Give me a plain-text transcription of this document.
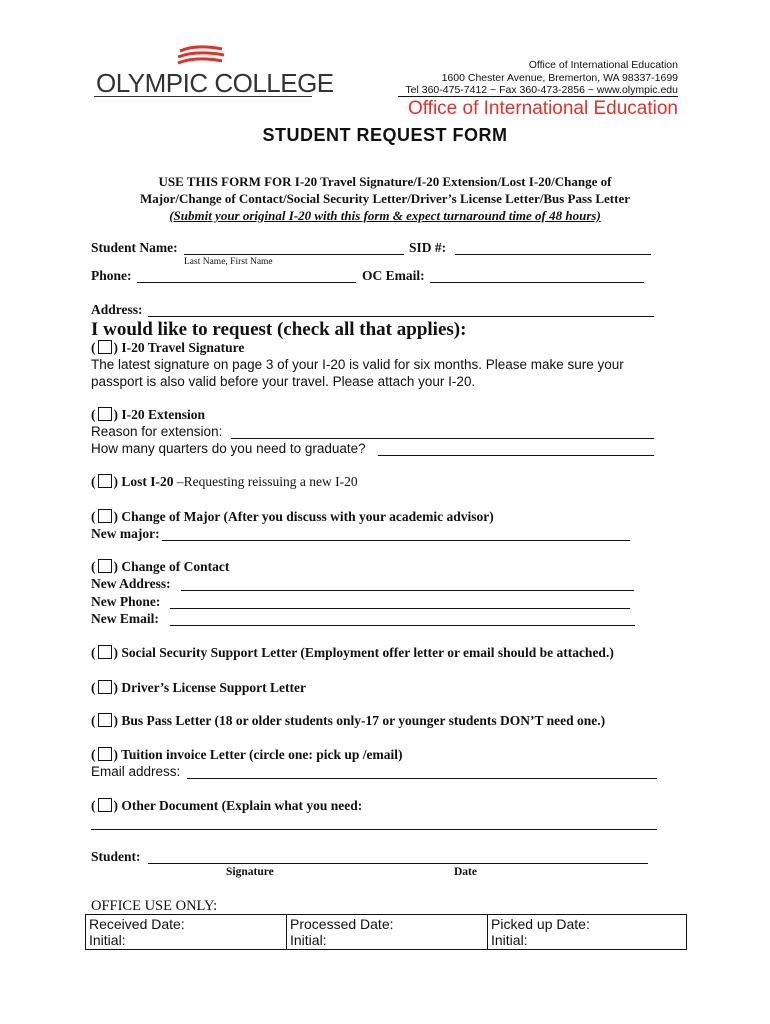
OLYMPIC COLLEGE
Office of International Education
1600 Chester Avenue, Bremerton, WA 98337-1699
Tel 360-475-7412 ~ Fax 360-473-2856 ~ www.olympic.edu
Office of International Education
STUDENT REQUEST FORM
USE THIS FORM FOR I-20 Travel Signature/I-20 Extension/Lost I-20/Change of
Major/Change of Contact/Social Security Letter/Driver’s License Letter/Bus Pass Letter
(Submit your original I-20 with this form & expect turnaround time of 48 hours)
Student Name:	SID #:
Last Name, First Name
Phone:	OC Email:
Address:
I would like to request (check all that applies):
( ) I-20 Travel Signature
The latest signature on page 3 of your I-20 is valid for six months. Please make sure your
passport is also valid before your travel. Please attach your I-20.
( ) I-20 Extension
Reason for extension:
How many quarters do you need to graduate?
( ) Lost I-20 –Requesting reissuing a new I-20
( ) Change of Major (After you discuss with your academic advisor)
New major:
( ) Change of Contact
New Address:
New Phone:
New Email:
( ) Social Security Support Letter (Employment offer letter or email should be attached.)
( ) Driver’s License Support Letter
( ) Bus Pass Letter (18 or older students only-17 or younger students DON’T need one.)
( ) Tuition invoice Letter (circle one: pick up /email)
Email address:
( ) Other Document (Explain what you need:
Student:
Signature	Date
OFFICE USE ONLY:
Received Date:
Initial:

Processed Date:
Initial:

Picked up Date:
Initial:
